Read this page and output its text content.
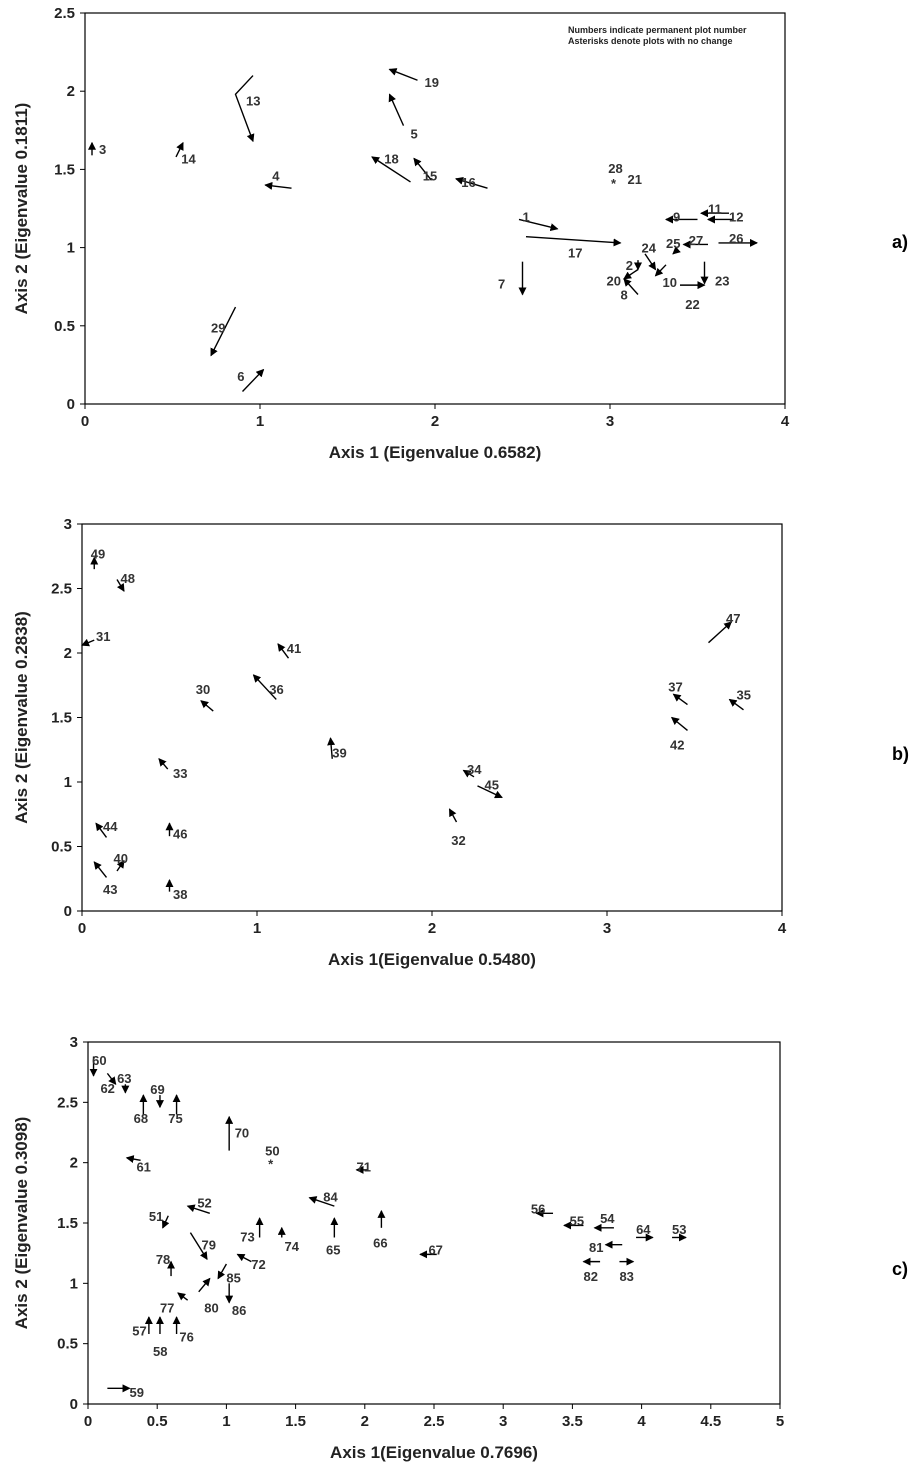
0	1	2	3	4
0
0.5
1
1.5
2
2.5
Axis 1 (Eigenvalue 0.6582)
Axis 2 (Eigenvalue 0.1811)	a)
Numbers indicate permanent plot number
Asterisks denote plots with no change
3
14
13
4
19
5
18
15 16
1
17
7
28
21
9
11
12
24 25 27 26
2
20
8
10	23
22
29
6
*
0	1	2	3	4
0
0.5
1
1.5
2
2.5
3
Axis 1(Eigenvalue 0.5480)
Axis 2 (Eigenvalue 0.2838)	b)
49
48
31
30	36
41
39
33
44
46
40
43	38
34
45
32
47
37
35
42
0	0.5	1	1.5	2	2.5	3	3.5	4	4.5	5
0
0.5
1
1.5
2
2.5
3
Axis 1(Eigenvalue 0.7696)
Axis 2 (Eigenvalue 0.3098)	c)
60
62
63
68
69
75
70
50
61	71
84
52
51
73
74 65	66	67
79
78	72
85
80 86
77
57
58
76
59
56
55 54
64 53
81
82 83
*
